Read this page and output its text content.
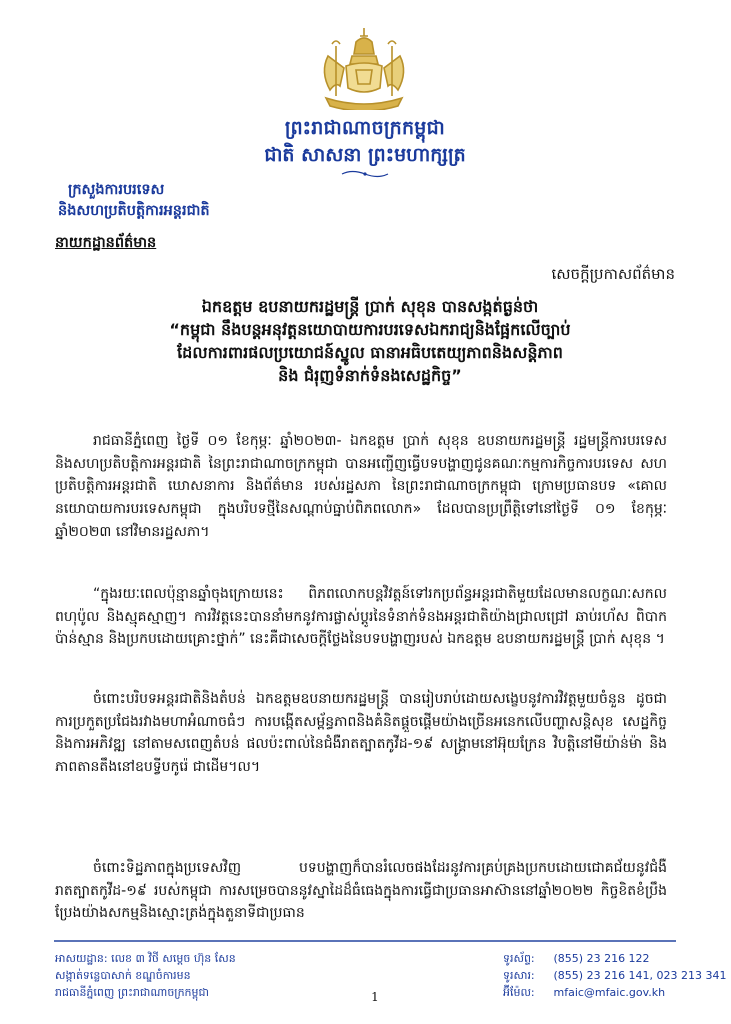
ព្រះរាជាណាចក្រកម្ពុជា
ជាតិ សាសនា ព្រះមហាក្សត្រ
ក្រសួងការបរទេស
និងសហប្រតិបត្តិការអន្តរជាតិ
នាយកដ្ឋានព័ត៌មាន
សេចក្ដីប្រកាសព័ត៌មាន
ឯកឧត្តម ឧបនាយករដ្ឋមន្ត្រី ប្រាក់ សុខុន បានសង្កត់ធ្ងន់ថា
“កម្ពុជា នឹងបន្តអនុវត្តនយោបាយការបរទេសឯករាជ្យនិងផ្អែកលើច្បាប់
ដែលការពារផលប្រយោជន៍ស្នូល ធានាអធិបតេយ្យភាពនិងសន្តិភាព
និង ជំរុញទំនាក់ទំនងសេដ្ឋកិច្ច”

រាជធានីភ្នំពេញ ថ្ងៃទី ០១ ខែកុម្ភៈ ឆ្នាំ២០២៣- ឯកឧត្តម ប្រាក់ សុខុន ឧបនាយករដ្ឋមន្ត្រី រដ្ឋមន្ត្រីការបរទេស និងសហប្រតិបត្តិការអន្តរជាតិ នៃព្រះរាជាណាចក្រកម្ពុជា បានអញ្ជើញធ្វើបទបង្ហាញជូនគណៈកម្មការកិច្ចការបរទេស សហប្រតិបត្តិការអន្តរជាតិ ឃោសនាការ និងព័ត៌មាន របស់រដ្ឋសភា នៃព្រះរាជាណាចក្រកម្ពុជា ក្រោមប្រធានបទ «គោលនយោបាយការបរទេសកម្ពុជា ក្នុងបរិបទថ្មីនៃសណ្តាប់ធ្នាប់ពិភពលោក» ដែលបានប្រព្រឹត្តិទៅនៅថ្ងៃទី ០១ ខែកុម្ភៈ ឆ្នាំ២០២៣ នៅវិមានរដ្ឋសភា។

“ក្នុងរយៈពេលប៉ុន្មានឆ្នាំចុងក្រោយនេះ ពិភពលោកបន្តវិវត្តន៍ទៅរកប្រព័ន្ធអន្តរជាតិមួយដែលមានលក្ខណៈសកល ពហុប៉ូល និងស្មុគស្មាញ។ ការវិវត្តនេះបាននាំមកនូវការផ្លាស់ប្ដូរនៃទំនាក់ទំនងអន្តរជាតិយ៉ាងជ្រាលជ្រៅ ឆាប់រហ័ស ពិបាកប៉ាន់ស្មាន និងប្រកបដោយគ្រោះថ្នាក់” នេះគឺជាសេចក្ដីថ្លែងនៃបទបង្ហាញរបស់ ឯកឧត្តម ឧបនាយករដ្ឋមន្ត្រី ប្រាក់ សុខុន ។

ចំពោះបរិបទអន្តរជាតិនិងតំបន់ ឯកឧត្តមឧបនាយករដ្ឋមន្ត្រី បានរៀបរាប់ដោយសង្ខេបនូវការវិវត្តមួយចំនួន ដូចជា ការប្រកួតប្រជែងរវាងមហាអំណាចធំៗ ការបង្កើតសម្ព័ន្ធភាពនិងគំនិតផ្ដួចផ្ដើមយ៉ាងច្រើនអនេកលើបញ្ហាសន្តិសុខ សេដ្ឋកិច្ច និងការអភិវឌ្ឍ នៅតាមសពេញតំបន់ ផលប៉ះពាល់នៃជំងឺរាតត្បាតកូវីដ-១៩ សង្គ្រាមនៅអ៊ុយក្រែន វិបត្តិនៅមីយ៉ាន់ម៉ា និងភាពតានតឹងនៅឧបទ្វីបកូរ៉េ ជាដើម។ល។

ចំពោះទិដ្ឋភាពក្នុងប្រទេសវិញ បទបង្ហាញក៏បានរំលេចផងដែរនូវការគ្រប់គ្រងប្រកបដោយជោគជ័យនូវជំងឺរាតត្បាតកូវីដ-១៩ របស់កម្ពុជា ការសម្រេចបាននូវស្នាដៃដ៏ធំធេងក្នុងការធ្វើជាប្រធានអាស៊ាននៅឆ្នាំ២០២២ កិច្ចខិតខំប្រឹងប្រែងយ៉ាងសកម្មនិងស្មោះត្រង់ក្នុងតួនាទីជាប្រធាន

អាសយដ្ឋាន: លេខ ៣ វិថី សម្ដេច ហ៊ុន សែន
សង្កាត់ទន្លេបាសាក់ ខណ្ឌចំការមន
រាជធានីភ្នំពេញ ព្រះរាជាណាចក្រកម្ពុជា
ទូរស័ព្ទ: (855) 23 216 122
ទូរសារ: (855) 23 216 141, 023 213 341
អ៊ីម៉ែល: mfaic@mfaic.gov.kh
1
